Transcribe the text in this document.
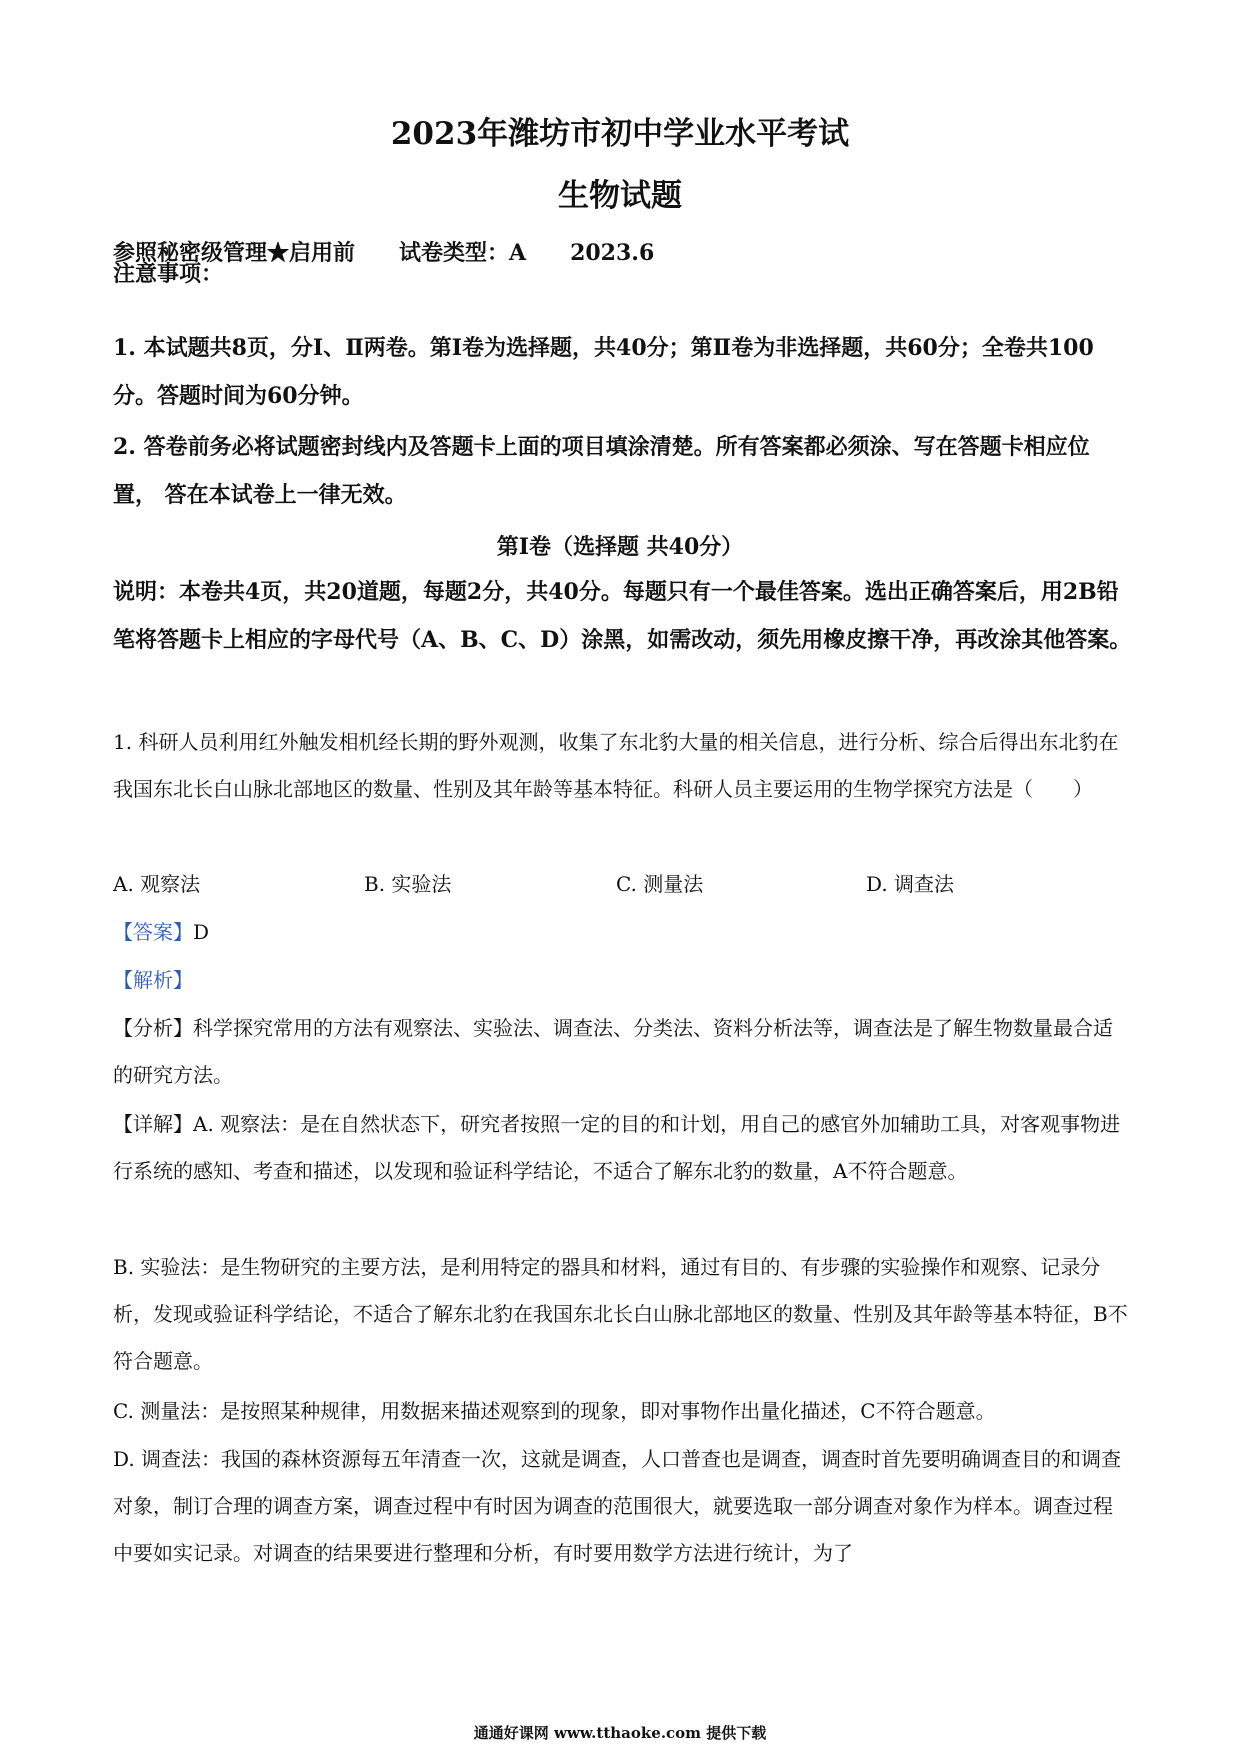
2023年潍坊市初中学业水平考试
生物试题
参照秘密级管理★启用前　　试卷类型：A　　2023.6
注意事项：
1. 本试题共8页，分Ⅰ、Ⅱ两卷。第Ⅰ卷为选择题，共40分；第Ⅱ卷为非选择题，共60分；全卷共100分。答题时间为60分钟。
2. 答卷前务必将试题密封线内及答题卡上面的项目填涂清楚。所有答案都必须涂、写在答题卡相应位置， 答在本试卷上一律无效。
第Ⅰ卷（选择题 共40分）
说明：本卷共4页，共20道题，每题2分，共40分。每题只有一个最佳答案。选出正确答案后，用2B铅笔将答题卡上相应的字母代号（A、B、C、D）涂黑，如需改动，须先用橡皮擦干净，再改涂其他答案。
1. 科研人员利用红外触发相机经长期的野外观测，收集了东北豹大量的相关信息，进行分析、综合后得出东北豹在我国东北长白山脉北部地区的数量、性别及其年龄等基本特征。科研人员主要运用的生物学探究方法是（　　）
A. 观察法	B. 实验法	C. 测量法	D. 调查法
【答案】D
【解析】
【分析】科学探究常用的方法有观察法、实验法、调查法、分类法、资料分析法等，调查法是了解生物数量最合适的研究方法。
【详解】A. 观察法：是在自然状态下，研究者按照一定的目的和计划，用自己的感官外加辅助工具，对客观事物进行系统的感知、考查和描述，以发现和验证科学结论，不适合了解东北豹的数量，A不符合题意。
B. 实验法：是生物研究的主要方法，是利用特定的器具和材料，通过有目的、有步骤的实验操作和观察、记录分析，发现或验证科学结论，不适合了解东北豹在我国东北长白山脉北部地区的数量、性别及其年龄等基本特征，B不符合题意。
C. 测量法：是按照某种规律，用数据来描述观察到的现象，即对事物作出量化描述，C不符合题意。
D. 调查法：我国的森林资源每五年清查一次，这就是调查，人口普查也是调查，调查时首先要明确调查目的和调查对象，制订合理的调查方案，调查过程中有时因为调查的范围很大，就要选取一部分调查对象作为样本。调查过程中要如实记录。对调查的结果要进行整理和分析，有时要用数学方法进行统计，为了
通通好课网 www.tthaoke.com 提供下载
